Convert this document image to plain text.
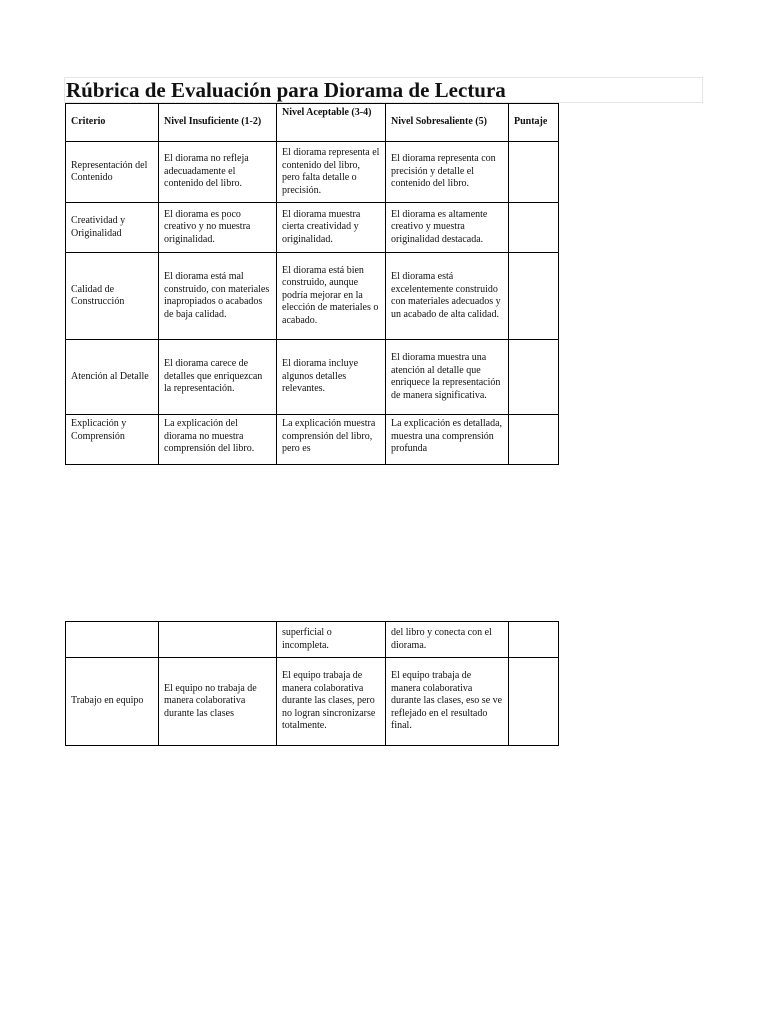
Rúbrica de Evaluación para Diorama de Lectura
Criterio	Nivel Insuficiente (1-2)	Nivel Aceptable (3-4)	Nivel Sobresaliente (5)	Puntaje
Representación del Contenido	El diorama no refleja adecuadamente el contenido del libro.	El diorama representa el contenido del libro, pero falta detalle o precisión.	El diorama representa con precisión y detalle el contenido del libro.	
Creatividad y Originalidad	El diorama es poco creativo y no muestra originalidad.	El diorama muestra cierta creatividad y originalidad.	El diorama es altamente creativo y muestra originalidad destacada.	
Calidad de Construcción	El diorama está mal construido, con materiales inapropiados o acabados de baja calidad.	El diorama está bien construido, aunque podría mejorar en la elección de materiales o acabado.	El diorama está excelentemente construido con materiales adecuados y un acabado de alta calidad.	
Atención al Detalle	El diorama carece de detalles que enriquezcan la representación.	El diorama incluye algunos detalles relevantes.	El diorama muestra una atención al detalle que enriquece la representación de manera significativa.	
Explicación y Comprensión	La explicación del diorama no muestra comprensión del libro.	La explicación muestra comprensión del libro, pero es	La explicación es detallada, muestra una comprensión profunda	
		superficial o incompleta.	del libro y conecta con el diorama.	
Trabajo en equipo	El equipo no trabaja de manera colaborativa durante las clases	El equipo trabaja de manera colaborativa durante las clases, pero no logran sincronizarse totalmente.	El equipo trabaja de manera colaborativa durante las clases, eso se ve reflejado en el resultado final.	
